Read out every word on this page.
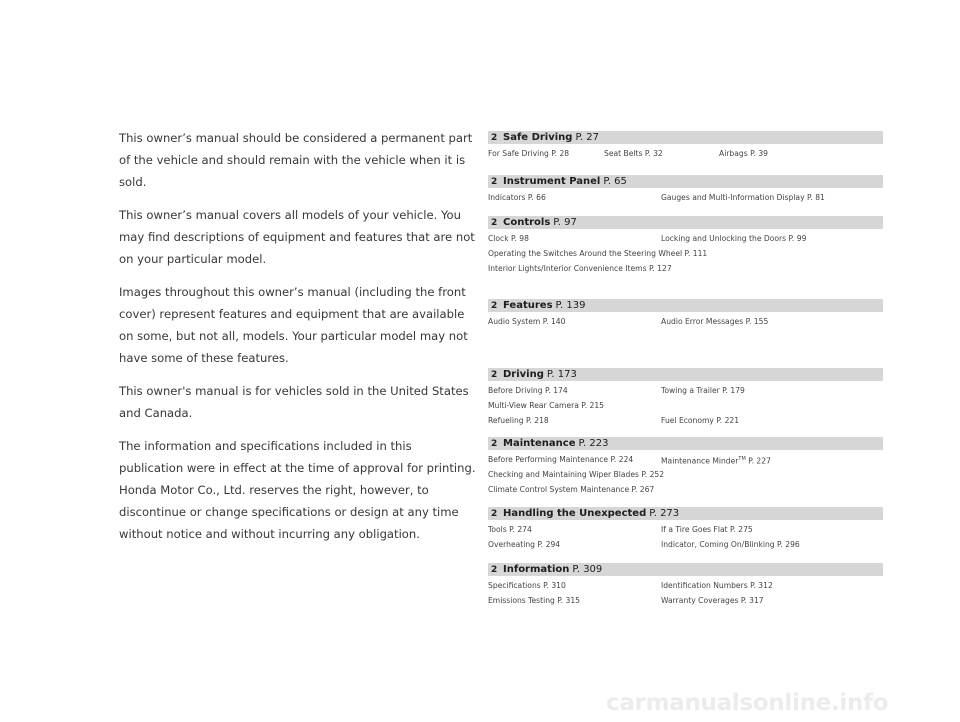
This owner’s manual should be considered a permanent part of the vehicle and should remain with the vehicle when it is sold.

This owner’s manual covers all models of your vehicle. You may find descriptions of equipment and features that are not on your particular model.

Images throughout this owner’s manual (including the front cover) represent features and equipment that are available on some, but not all, models. Your particular model may not have some of these features.

This owner's manual is for vehicles sold in the United States and Canada.

The information and specifications included in this publication were in effect at the time of approval for printing. Honda Motor Co., Ltd. reserves the right, however, to discontinue or change specifications or design at any time without notice and without incurring any obligation.

2 Safe Driving P. 27
For Safe Driving P. 28	Seat Belts P. 32	Airbags P. 39
2 Instrument Panel P. 65
Indicators P. 66	Gauges and Multi-Information Display P. 81
2 Controls P. 97
Clock P. 98	Locking and Unlocking the Doors P. 99
Operating the Switches Around the Steering Wheel P. 111
Interior Lights/Interior Convenience Items P. 127
2 Features P. 139
Audio System P. 140	Audio Error Messages P. 155
2 Driving P. 173
Before Driving P. 174	Towing a Trailer P. 179
Multi-View Rear Camera P. 215
Refueling P. 218	Fuel Economy P. 221
2 Maintenance P. 223
Before Performing Maintenance P. 224	Maintenance Minder™ P. 227
Checking and Maintaining Wiper Blades P. 252
Climate Control System Maintenance P. 267
2 Handling the Unexpected P. 273
Tools P. 274	If a Tire Goes Flat P. 275
Overheating P. 294	Indicator, Coming On/Blinking P. 296
2 Information P. 309
Specifications P. 310	Identification Numbers P. 312
Emissions Testing P. 315	Warranty Coverages P. 317
carmanualsonline.info
